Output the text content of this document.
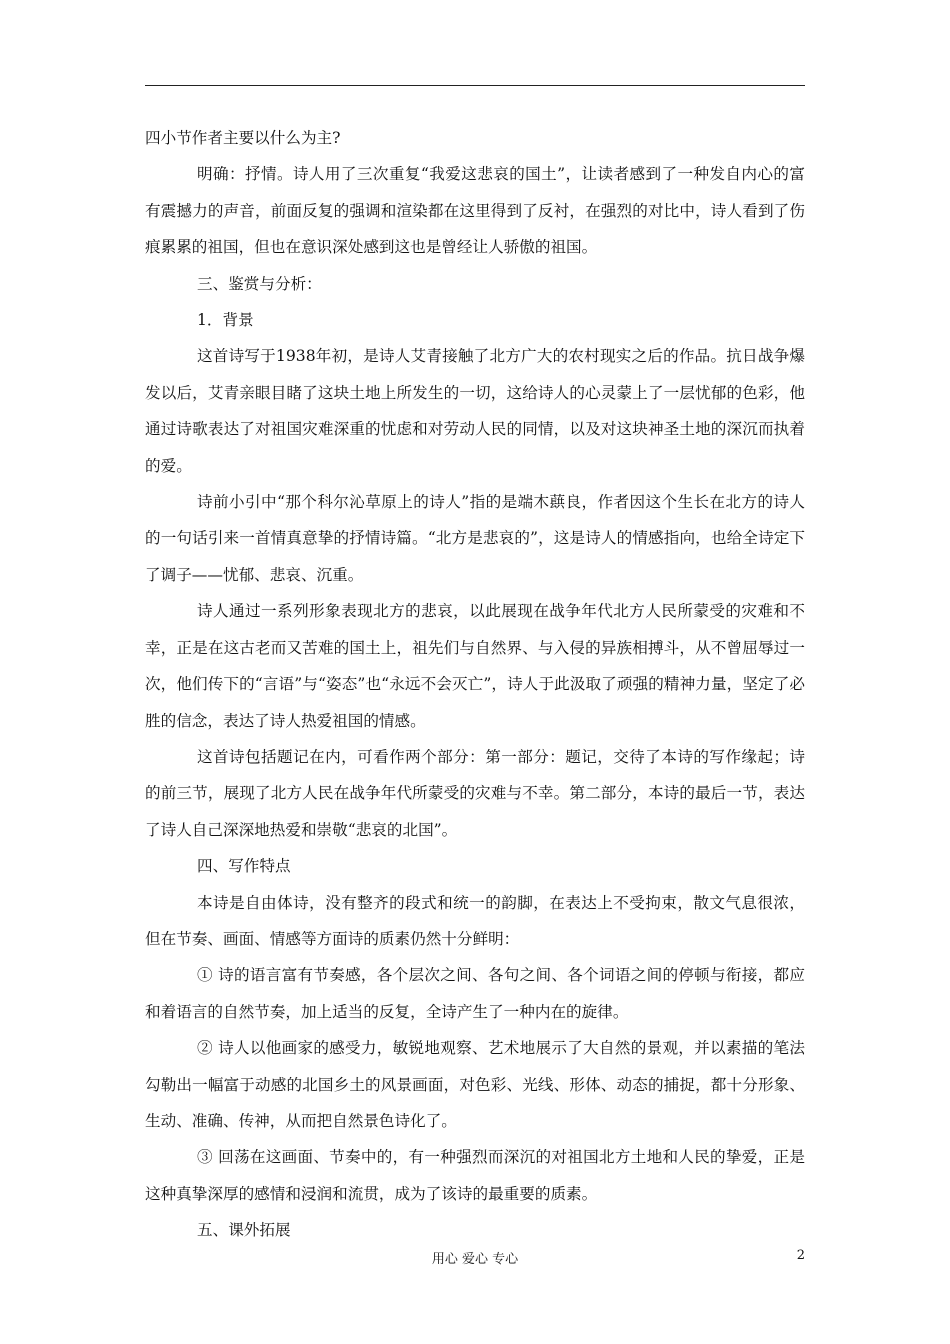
四小节作者主要以什么为主?

明确：抒情。诗人用了三次重复“我爱这悲哀的国土”，让读者感到了一种发自内心的富有震撼力的声音，前面反复的强调和渲染都在这里得到了反衬，在强烈的对比中，诗人看到了伤痕累累的祖国，但也在意识深处感到这也是曾经让人骄傲的祖国。

三、鉴赏与分析：

1．背景

这首诗写于1938年初，是诗人艾青接触了北方广大的农村现实之后的作品。抗日战争爆发以后，艾青亲眼目睹了这块土地上所发生的一切，这给诗人的心灵蒙上了一层忧郁的色彩，他通过诗歌表达了对祖国灾难深重的忧虑和对劳动人民的同情，以及对这块神圣土地的深沉而执着的爱。

诗前小引中“那个科尔沁草原上的诗人”指的是端木蕻良，作者因这个生长在北方的诗人的一句话引来一首情真意挚的抒情诗篇。“北方是悲哀的”，这是诗人的情感指向，也给全诗定下了调子——忧郁、悲哀、沉重。

诗人通过一系列形象表现北方的悲哀，以此展现在战争年代北方人民所蒙受的灾难和不幸，正是在这古老而又苦难的国土上，祖先们与自然界、与入侵的异族相搏斗，从不曾屈辱过一次，他们传下的“言语”与“姿态”也“永远不会灭亡”，诗人于此汲取了顽强的精神力量，坚定了必胜的信念，表达了诗人热爱祖国的情感。

这首诗包括题记在内，可看作两个部分：第一部分：题记，交待了本诗的写作缘起；诗的前三节，展现了北方人民在战争年代所蒙受的灾难与不幸。第二部分，本诗的最后一节，表达了诗人自己深深地热爱和崇敬“悲哀的北国”。

四、写作特点

本诗是自由体诗，没有整齐的段式和统一的韵脚，在表达上不受拘束，散文气息很浓，但在节奏、画面、情感等方面诗的质素仍然十分鲜明：

① 诗的语言富有节奏感，各个层次之间、各句之间、各个词语之间的停顿与衔接，都应和着语言的自然节奏，加上适当的反复，全诗产生了一种内在的旋律。

② 诗人以他画家的感受力，敏锐地观察、艺术地展示了大自然的景观，并以素描的笔法勾勒出一幅富于动感的北国乡土的风景画面，对色彩、光线、形体、动态的捕捉，都十分形象、生动、准确、传神，从而把自然景色诗化了。

③ 回荡在这画面、节奏中的，有一种强烈而深沉的对祖国北方土地和人民的挚爱，正是这种真挚深厚的感情和浸润和流贯，成为了该诗的最重要的质素。

五、课外拓展

用心 爱心 专心	2
